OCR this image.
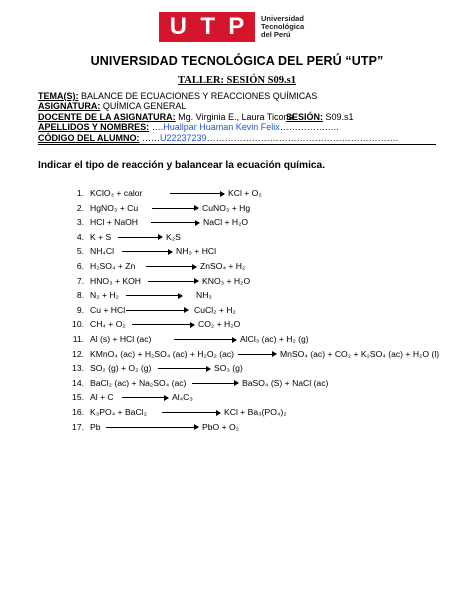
U T P Universidad
Tecnológica
del Perú
UNIVERSIDAD TECNOLÓGICA DEL PERÚ “UTP”
TALLER: SESIÓN S09.s1
TEMA(S): BALANCE DE ECUACIONES Y REACCIONES QUÍMICAS
ASIGNATURA: QUÍMICA GENERAL
DOCENTE DE LA ASIGNATURA: Mg. Virginia E., Laura Ticona
SESIÓN: S09.s1
APELLIDOS Y NOMBRES: ….Huallpar Huaman Kevin Felix………………..
CÓDIGO DEL ALUMNO: ……U22237239……………………………………………………….
Indicar el tipo de reacción y balancear la ecuación química.
1. KClO₃ + calor	KCl + O₂
2. HgNO₃ + Cu	CuNO₃ + Hg
3. HCl + NaOH	NaCl + H₂O
4. K + S	K₂S
5. NH₄Cl	NH₃ + HCl
6. H₂SO₄ + Zn	ZnSO₄ + H₂
7. HNO₃ + KOH	KNO₃ + H₂O
8. N₂ + H₂	NH₃
9. Cu + HCl	CuCl₂ + H₂
10. CH₄ + O₂	CO₂ + H₂O
11. Al (s) + HCl (ac)	AlCl₃ (ac) + H₂ (g)
12. KMnO₄ (ac) + H₂SO₄ (ac) + H₂O₂ (ac)	MnSO₄ (ac) + CO₂ + K₂SO₄ (ac) + H₂O (l)
13. SO₂ (g) + O₂ (g)	SO₃ (g)
14. BaCl₂ (ac) + Na₂SO₄ (ac)	BaSO₄ (S) + NaCl (ac)
15. Al + C	Al₄C₃
16. K₃PO₄ + BaCl₂	KCl + Ba₃(PO₄)₂
17. Pb	PbO + O₂
